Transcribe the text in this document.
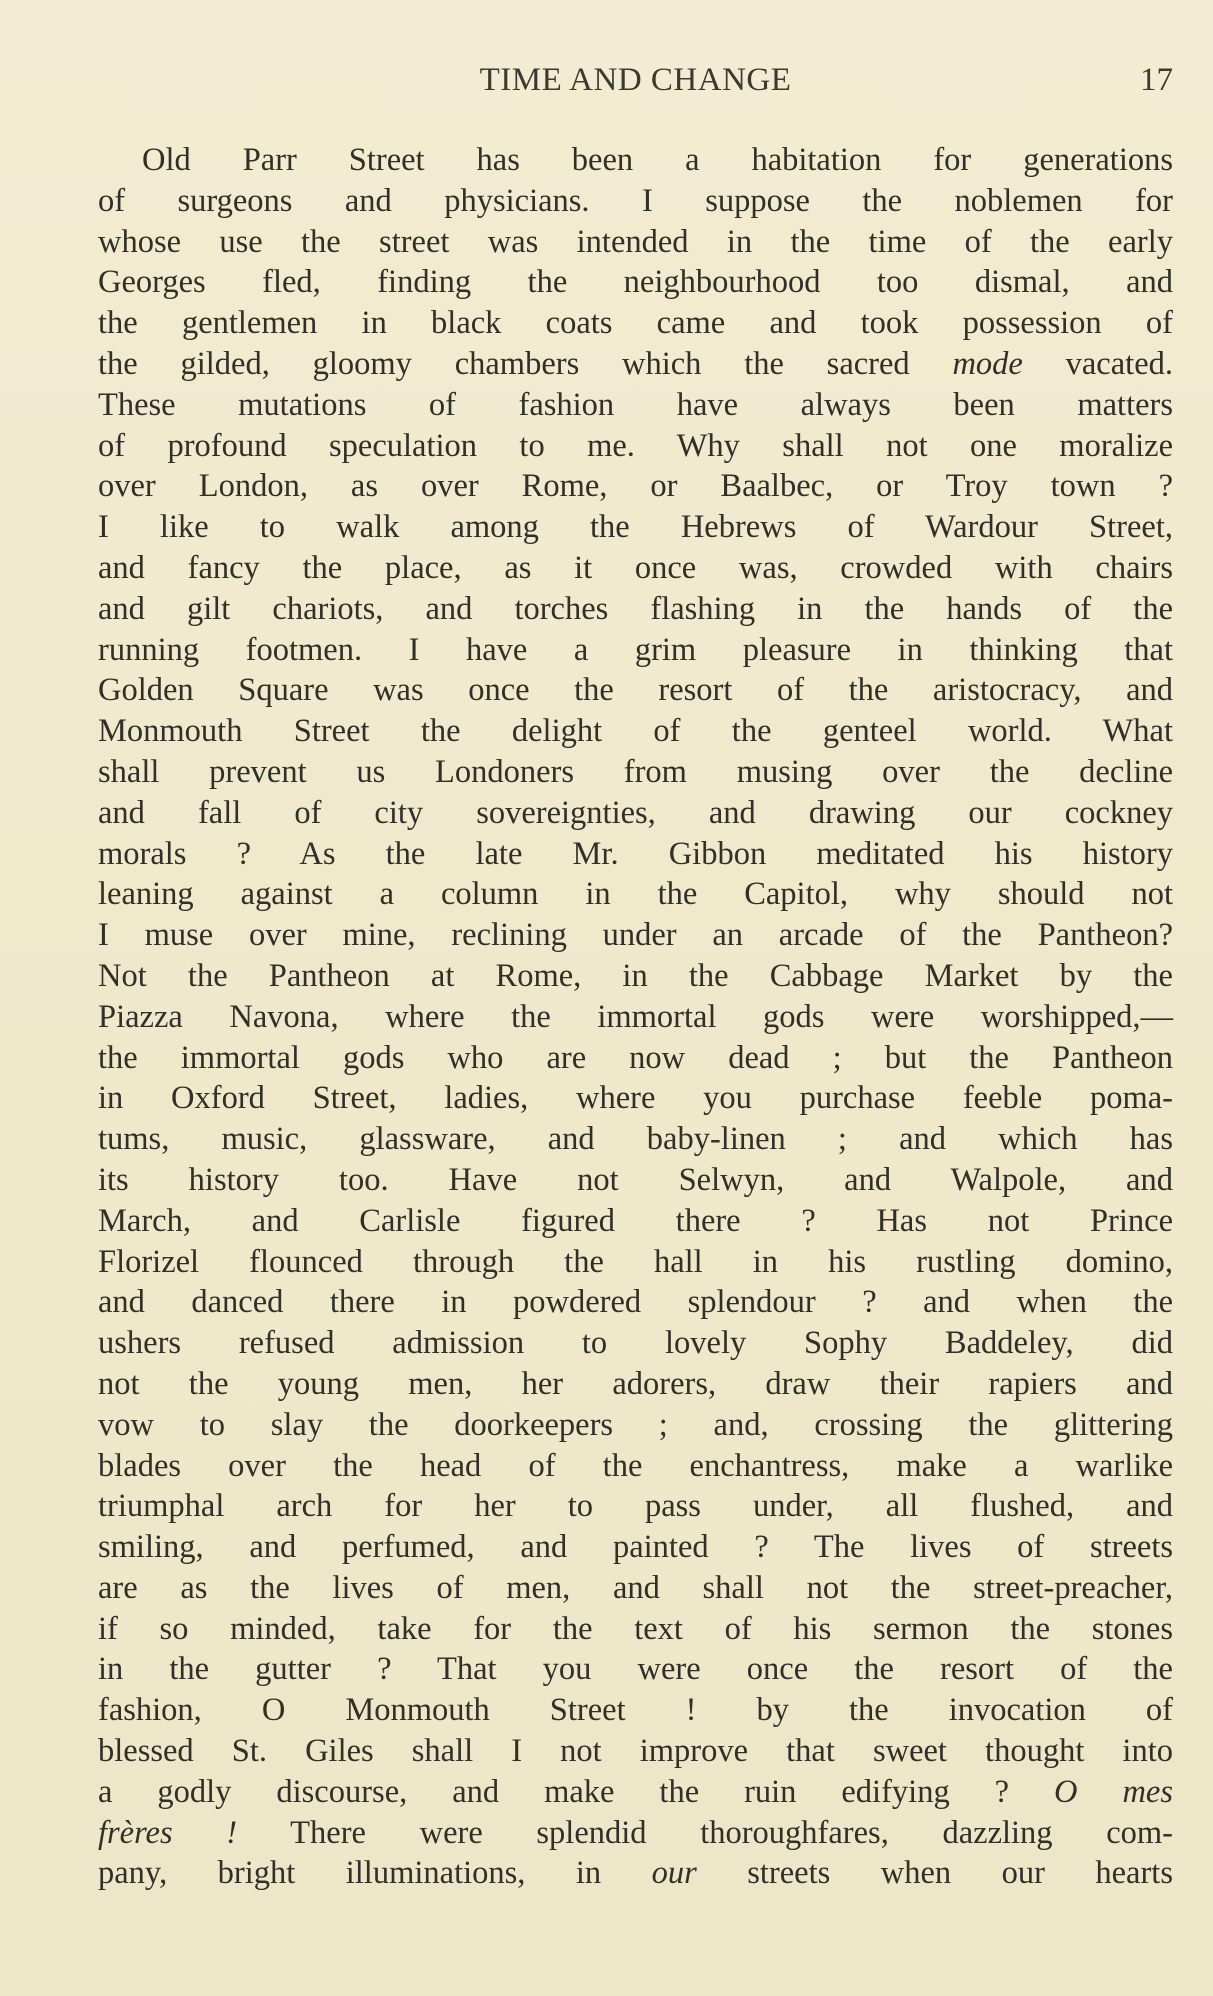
TIME AND CHANGE	17
Old Parr Street has been a habitation for generations
of surgeons and physicians. I suppose the noblemen for
whose use the street was intended in the time of the early
Georges fled, finding the neighbourhood too dismal, and
the gentlemen in black coats came and took possession of
the gilded, gloomy chambers which the sacred mode vacated.
These mutations of fashion have always been matters
of profound speculation to me. Why shall not one moralize
over London, as over Rome, or Baalbec, or Troy town ?
I like to walk among the Hebrews of Wardour Street,
and fancy the place, as it once was, crowded with chairs
and gilt chariots, and torches flashing in the hands of the
running footmen. I have a grim pleasure in thinking that
Golden Square was once the resort of the aristocracy, and
Monmouth Street the delight of the genteel world. What
shall prevent us Londoners from musing over the decline
and fall of city sovereignties, and drawing our cockney
morals ? As the late Mr. Gibbon meditated his history
leaning against a column in the Capitol, why should not
I muse over mine, reclining under an arcade of the Pantheon?
Not the Pantheon at Rome, in the Cabbage Market by the
Piazza Navona, where the immortal gods were worshipped,—
the immortal gods who are now dead ; but the Pantheon
in Oxford Street, ladies, where you purchase feeble poma-
tums, music, glassware, and baby-linen ; and which has
its history too. Have not Selwyn, and Walpole, and
March, and Carlisle figured there ? Has not Prince
Florizel flounced through the hall in his rustling domino,
and danced there in powdered splendour ? and when the
ushers refused admission to lovely Sophy Baddeley, did
not the young men, her adorers, draw their rapiers and
vow to slay the doorkeepers ; and, crossing the glittering
blades over the head of the enchantress, make a warlike
triumphal arch for her to pass under, all flushed, and
smiling, and perfumed, and painted ? The lives of streets
are as the lives of men, and shall not the street-preacher,
if so minded, take for the text of his sermon the stones
in the gutter ? That you were once the resort of the
fashion, O Monmouth Street ! by the invocation of
blessed St. Giles shall I not improve that sweet thought into
a godly discourse, and make the ruin edifying ? O mes
frères ! There were splendid thoroughfares, dazzling com-
pany, bright illuminations, in our streets when our hearts
